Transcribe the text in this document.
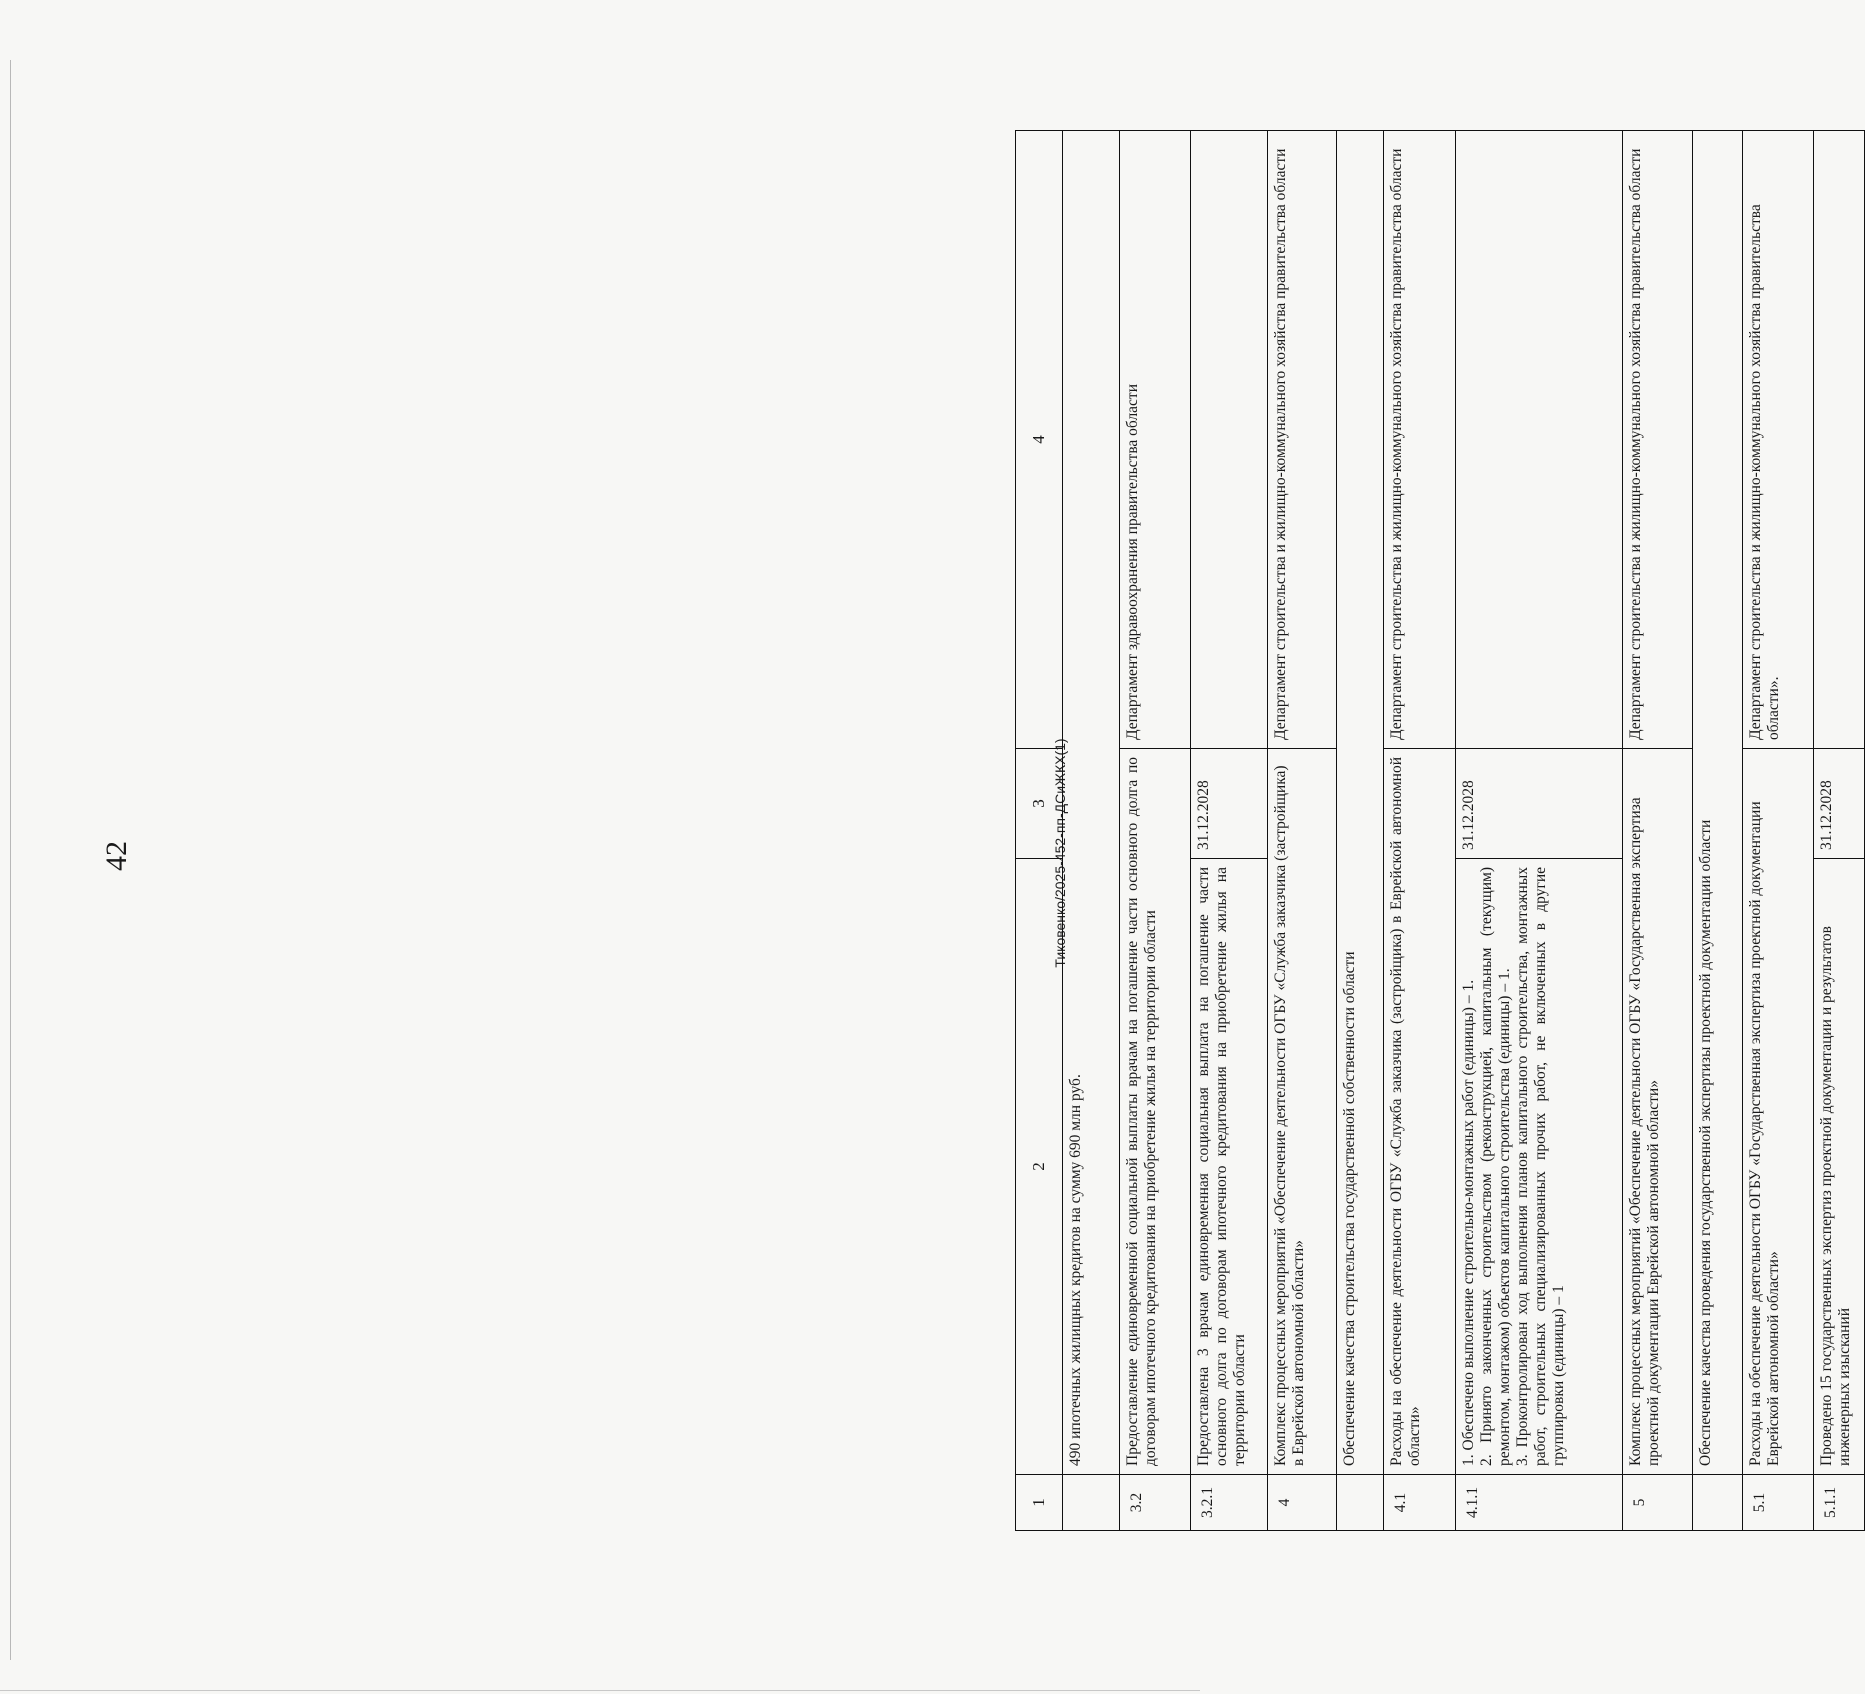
42	Тиковенко/2025-452-пп-ДСиЖКХ(1)
1	2	3	4
	490 ипотечных жилищных кредитов на сумму 690 млн руб.		
3.2	Предоставление единовременной социальной выплаты врачам на погашение части основного долга по договорам ипотечного кредитования на приобретение жилья на территории области		Департамент здравоохранения правительства области
3.2.1	Предоставлена 3 врачам единовременная социальная выплата на погашение части основного долга по договорам ипотечного кредитования на приобретение жилья на территории области	31.12.2028	
4	Комплекс процессных мероприятий «Обеспечение деятельности ОГБУ «Служба заказчика (застройщика) в Еврейской автономной области»		Департамент строительства и жилищно-коммунального хозяйства правительства области
	Обеспечение качества строительства государственной собственности области		
4.1	Расходы на обеспечение деятельности ОГБУ «Служба заказчика (застройщика) в Еврейской автономной области»		Департамент строительства и жилищно-коммунального хозяйства правительства области
4.1.1	1. Обеспечено выполнение строительно-монтажных работ (единицы) – 1.
2. Принято законченных строительством (реконструкцией, капитальным (текущим) ремонтом, монтажом) объектов капитального строительства (единицы) – 1.
3. Проконтролирован ход выполнения планов капитального строительства, монтажных работ, строительных специализированных прочих работ, не включенных в другие группировки (единицы) – 1	31.12.2028	
5	Комплекс процессных мероприятий «Обеспечение деятельности ОГБУ «Государственная экспертиза проектной документации Еврейской автономной области»		Департамент строительства и жилищно-коммунального хозяйства правительства области
	Обеспечение качества проведения государственной экспертизы проектной документации области		
5.1	Расходы на обеспечение деятельности ОГБУ «Государственная экспертиза проектной документации Еврейской автономной области»		Департамент строительства и жилищно-коммунального хозяйства правительства области».
5.1.1	Проведено 15 государственных экспертиз проектной документации и результатов инженерных изысканий	31.12.2028	
